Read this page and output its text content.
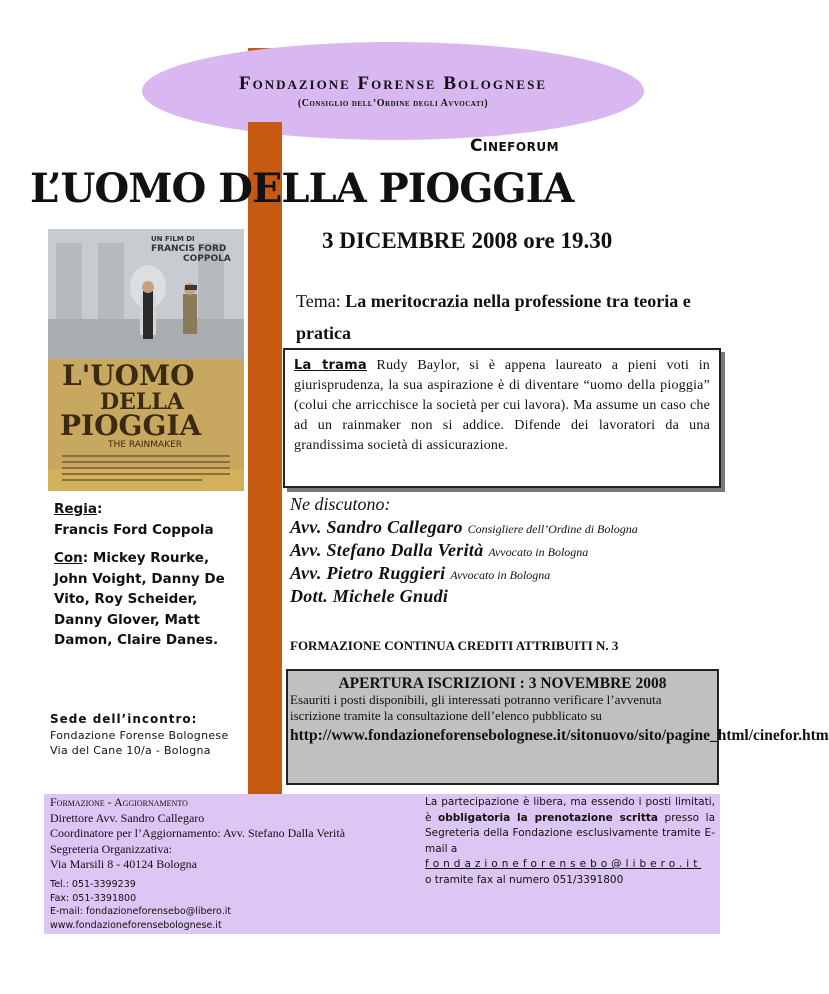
Fondazione Forense Bolognese
(Consiglio dell’Ordine degli Avvocati)
Cineforum
L’UOMO DELLA PIOGGIA
UN FILM DI
FRANCIS FORD
COPPOLA
L'UOMO
DELLA
PIOGGIA
THE RAINMAKER
3 DICEMBRE 2008 ore 19.30
Tema: La meritocrazia nella professione tra teoria e pratica
La trama Rudy Baylor, si è appena laureato a pieni voti in giurisprudenza, la sua aspirazione è di diventare “uomo della pioggia” (colui che arricchisce la società per cui lavora). Ma assume un caso che ad un rainmaker non si addice. Difende dei lavoratori da una grandissima società di assicurazione.
Regia:
Francis Ford Coppola
Con: Mickey Rourke, John Voight, Danny De Vito, Roy Scheider, Danny Glover, Matt Damon, Claire Danes.
Ne discutono:
Avv. Sandro Callegaro Consigliere dell’Ordine di Bologna
Avv. Stefano Dalla Verità Avvocato in Bologna
Avv. Pietro Ruggieri Avvocato in Bologna
Dott. Michele Gnudi
FORMAZIONE CONTINUA CREDITI ATTRIBUITI N. 3
APERTURA ISCRIZIONI : 3 NOVEMBRE 2008
Esauriti i posti disponibili, gli interessati potranno verificare l’avvenuta iscrizione tramite la consultazione dell’elenco pubblicato su
http://www.fondazioneforensebolognese.it/sitonuovo/sito/pagine_html/cinefor.htm
Sede dell’incontro:
Fondazione Forense Bolognese
Via del Cane 10/a - Bologna
Formazione - Aggiornamento
Direttore Avv. Sandro Callegaro
Coordinatore per l’Aggiornamento: Avv. Stefano Dalla Verità
Segreteria Organizzativa:
Via Marsili 8 - 40124 Bologna
Tel.: 051-3399239
Fax: 051-3391800
E-mail: fondazioneforensebo@libero.it
www.fondazioneforensebolognese.it
La partecipazione è libera, ma essendo i posti limitati, è obbligatoria la prenotazione scritta presso la Segreteria della Fondazione esclusivamente tramite E-mail a
fondazioneforensebo@libero.it
o tramite fax al numero 051/3391800
